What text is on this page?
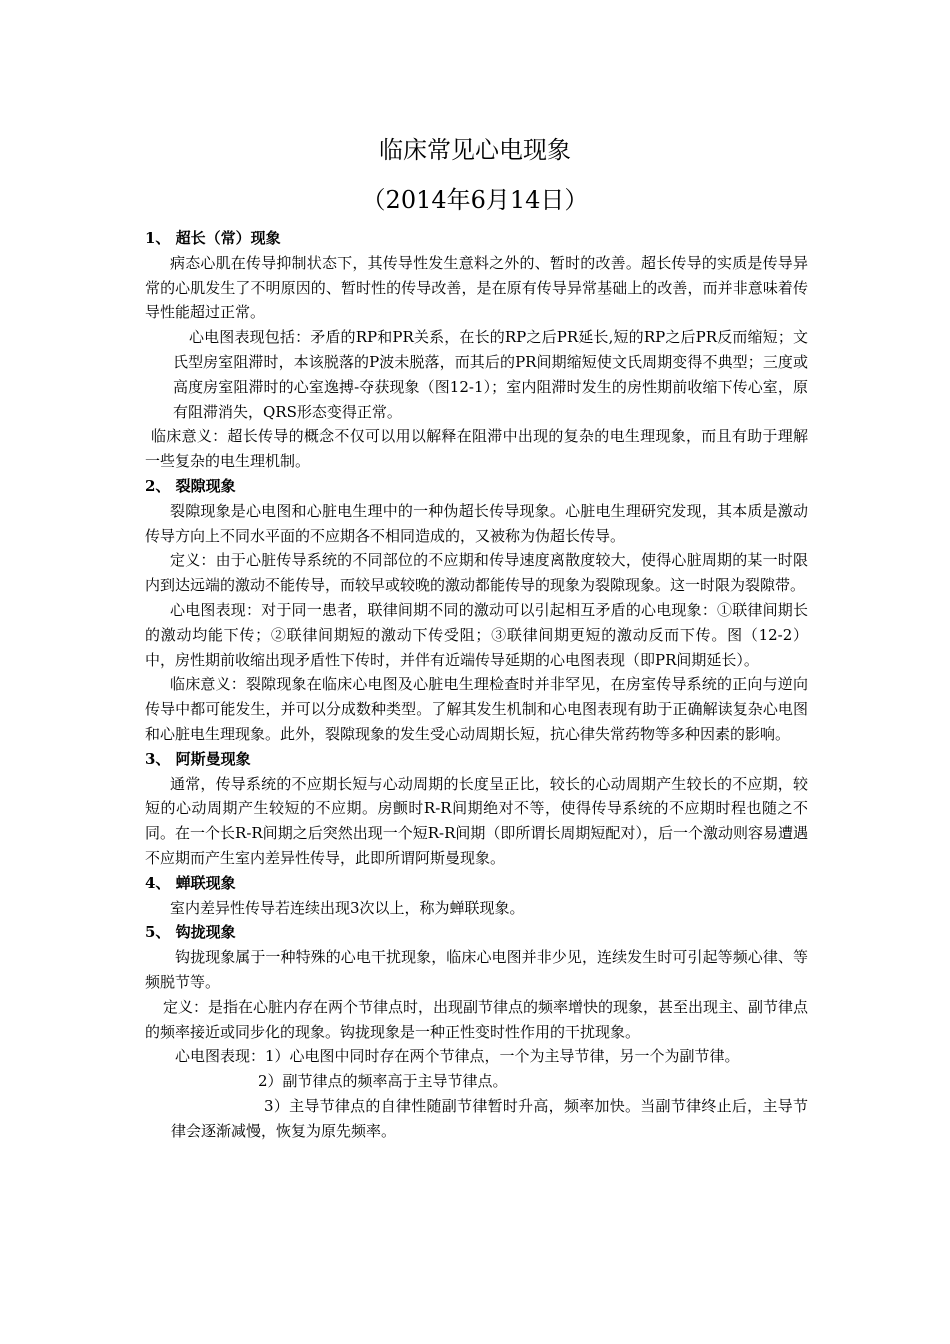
临床常见心电现象
（2014年6月14日）

1、 超长（常）现象

病态心肌在传导抑制状态下，其传导性发生意料之外的、暂时的改善。超长传导的实质是传导异常的心肌发生了不明原因的、暂时性的传导改善，是在原有传导异常基础上的改善，而并非意味着传导性能超过正常。

心电图表现包括：矛盾的RP和PR关系，在长的RP之后PR延长,短的RP之后PR反而缩短；文氏型房室阻滞时，本该脱落的P波未脱落，而其后的PR间期缩短使文氏周期变得不典型；三度或高度房室阻滞时的心室逸搏-夺获现象（图12-1）；室内阻滞时发生的房性期前收缩下传心室，原有阻滞消失，QRS形态变得正常。

临床意义：超长传导的概念不仅可以用以解释在阻滞中出现的复杂的电生理现象，而且有助于理解一些复杂的电生理机制。

2、 裂隙现象

裂隙现象是心电图和心脏电生理中的一种伪超长传导现象。心脏电生理研究发现，其本质是激动传导方向上不同水平面的不应期各不相同造成的，又被称为伪超长传导。

定义：由于心脏传导系统的不同部位的不应期和传导速度离散度较大，使得心脏周期的某一时限内到达远端的激动不能传导，而较早或较晚的激动都能传导的现象为裂隙现象。这一时限为裂隙带。

心电图表现：对于同一患者，联律间期不同的激动可以引起相互矛盾的心电现象：①联律间期长的激动均能下传；②联律间期短的激动下传受阻；③联律间期更短的激动反而下传。图（12-2）中，房性期前收缩出现矛盾性下传时，并伴有近端传导延期的心电图表现（即PR间期延长）。

临床意义：裂隙现象在临床心电图及心脏电生理检查时并非罕见，在房室传导系统的正向与逆向传导中都可能发生，并可以分成数种类型。了解其发生机制和心电图表现有助于正确解读复杂心电图和心脏电生理现象。此外，裂隙现象的发生受心动周期长短，抗心律失常药物等多种因素的影响。

3、 阿斯曼现象

通常，传导系统的不应期长短与心动周期的长度呈正比，较长的心动周期产生较长的不应期，较短的心动周期产生较短的不应期。房颤时R-R间期绝对不等，使得传导系统的不应期时程也随之不同。在一个长R-R间期之后突然出现一个短R-R间期（即所谓长周期短配对），后一个激动则容易遭遇不应期而产生室内差异性传导，此即所谓阿斯曼现象。

4、 蝉联现象

室内差异性传导若连续出现3次以上，称为蝉联现象。

5、 钩拢现象

钩拢现象属于一种特殊的心电干扰现象，临床心电图并非少见，连续发生时可引起等频心律、等频脱节等。

定义：是指在心脏内存在两个节律点时，出现副节律点的频率增快的现象，甚至出现主、副节律点的频率接近或同步化的现象。钩拢现象是一种正性变时性作用的干扰现象。

心电图表现：1）心电图中同时存在两个节律点，一个为主导节律，另一个为副节律。

2）副节律点的频率高于主导节律点。

3）主导节律点的自律性随副节律暂时升高，频率加快。当副节律终止后，主导节律会逐渐减慢，恢复为原先频率。
